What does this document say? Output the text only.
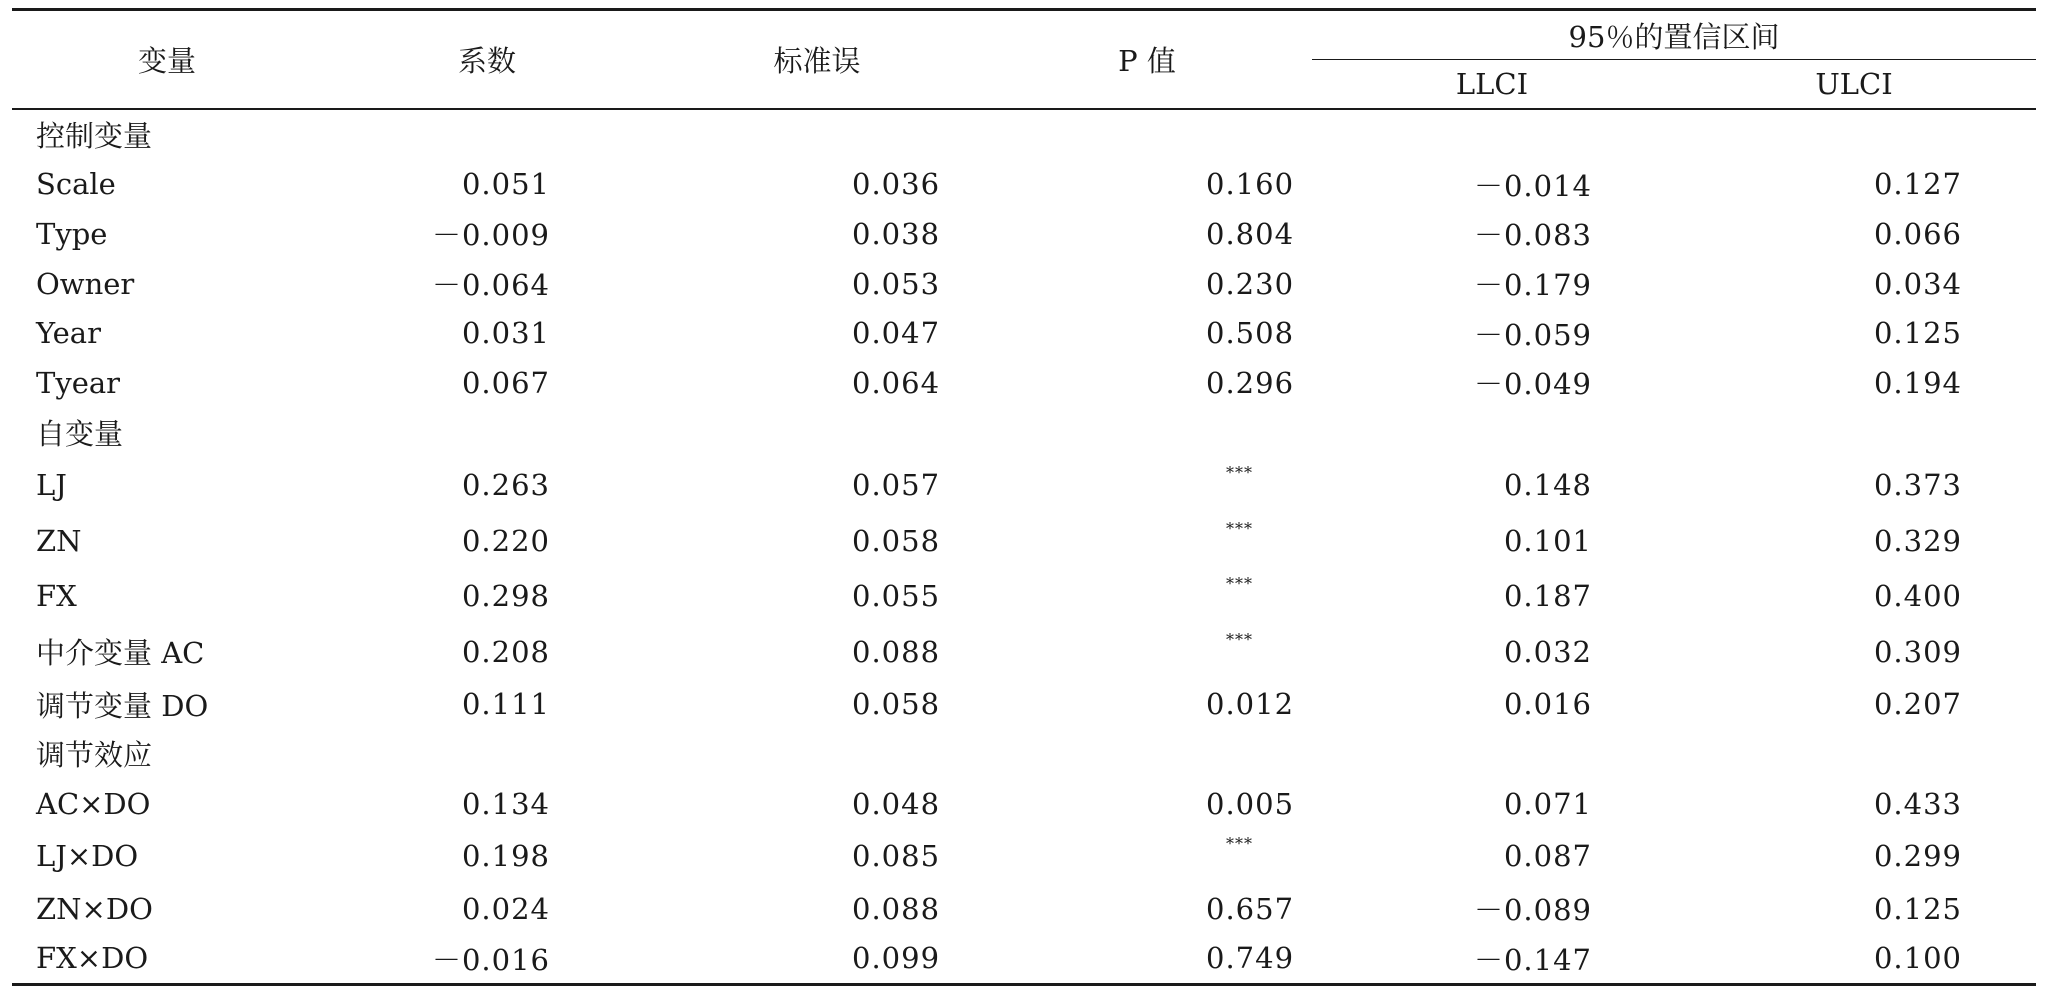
变量	系数	标准误	P 值	95％的置信区间	
				LLCI	ULCI
控制变量					
Scale	0.051	0.036	0.160	－0.014	0.127
Type	－0.009	0.038	0.804	－0.083	0.066
Owner	－0.064	0.053	0.230	－0.179	0.034
Year	0.031	0.047	0.508	－0.059	0.125
Tyear	0.067	0.064	0.296	－0.049	0.194
自变量					
LJ	0.263	0.057	***	0.148	0.373
ZN	0.220	0.058	***	0.101	0.329
FX	0.298	0.055	***	0.187	0.400
中介变量 AC	0.208	0.088	***	0.032	0.309
调节变量 DO	0.111	0.058	0.012	0.016	0.207
调节效应					
AC×DO	0.134	0.048	0.005	0.071	0.433
LJ×DO	0.198	0.085	***	0.087	0.299
ZN×DO	0.024	0.088	0.657	－0.089	0.125
FX×DO	－0.016	0.099	0.749	－0.147	0.100
